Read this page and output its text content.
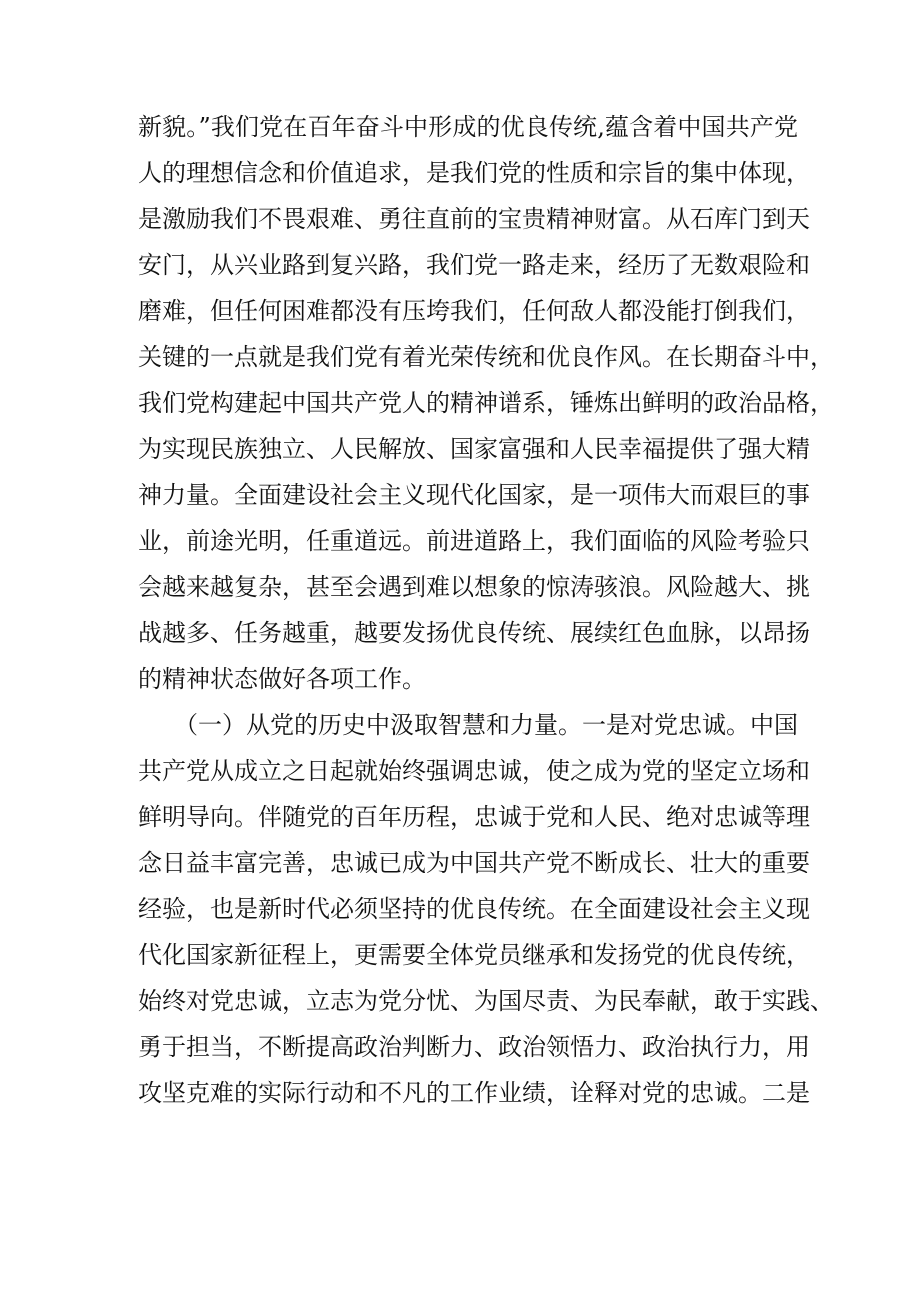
新貌。”我们党在百年奋斗中形成的优良传统,蕴含着中国共产党
人的理想信念和价值追求，是我们党的性质和宗旨的集中体现，
是激励我们不畏艰难、勇往直前的宝贵精神财富。从石库门到天
安门，从兴业路到复兴路，我们党一路走来，经历了无数艰险和
磨难，但任何困难都没有压垮我们，任何敌人都没能打倒我们，
关键的一点就是我们党有着光荣传统和优良作风。在长期奋斗中，
我们党构建起中国共产党人的精神谱系，锤炼出鲜明的政治品格，
为实现民族独立、人民解放、国家富强和人民幸福提供了强大精
神力量。全面建设社会主义现代化国家，是一项伟大而艰巨的事
业，前途光明，任重道远。前进道路上，我们面临的风险考验只
会越来越复杂，甚至会遇到难以想象的惊涛骇浪。风险越大、挑
战越多、任务越重，越要发扬优良传统、展续红色血脉，以昂扬
的精神状态做好各项工作。
（一）从党的历史中汲取智慧和力量。一是对党忠诚。中国
共产党从成立之日起就始终强调忠诚，使之成为党的坚定立场和
鲜明导向。伴随党的百年历程，忠诚于党和人民、绝对忠诚等理
念日益丰富完善，忠诚已成为中国共产党不断成长、壮大的重要
经验，也是新时代必须坚持的优良传统。在全面建设社会主义现
代化国家新征程上，更需要全体党员继承和发扬党的优良传统，
始终对党忠诚，立志为党分忧、为国尽责、为民奉献，敢于实践、
勇于担当，不断提高政治判断力、政治领悟力、政治执行力，用
攻坚克难的实际行动和不凡的工作业绩，诠释对党的忠诚。二是
